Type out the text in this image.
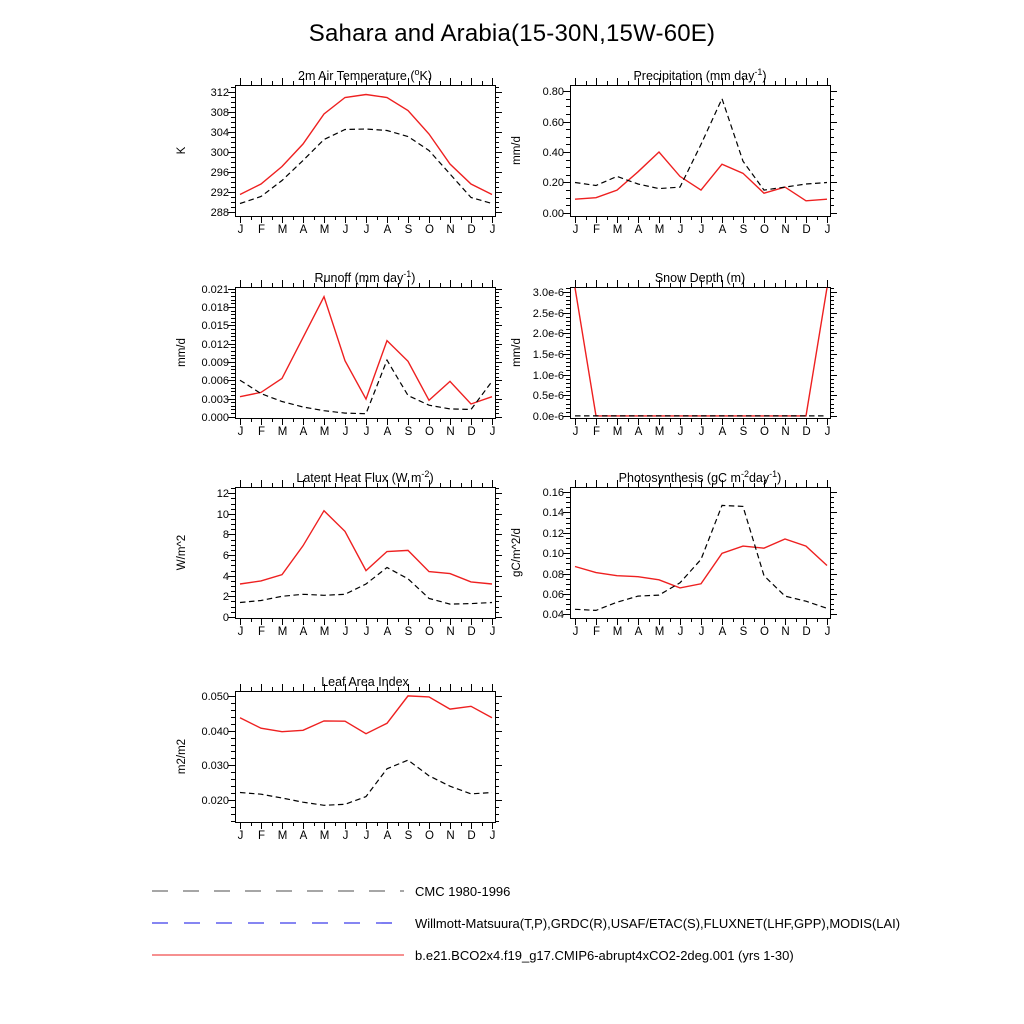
Sahara and Arabia(15-30N,15W-60E)
288
292
296
300
304
308
312
J F M A M J J A S O N D J
K
2m Air Temperature ($^o$K)
0.00
0.20
0.40
0.60
0.80
J F M A M J J A S O N D J
mm/d
Precipitation (mm day$^{-1}$)
0.000
0.003
0.006
0.009
0.012
0.015
0.018
0.021
J F M A M J J A S O N D J
mm/d
Runoff (mm day$^{-1}$)
0.0e-6
0.5e-6
1.0e-6
1.5e-6
2.0e-6
2.5e-6
3.0e-6
J F M A M J J A S O N D J
mm/d
Snow Depth (m)
0
2
4
6
8
10
12
J F M A M J J A S O N D J
W/m^2
Latent Heat Flux (W $m^{-2}$)
0.04
0.06
0.08
0.10
0.12
0.14
0.16
J F M A M J J A S O N D J
gC/m^2/d
Photosynthesis (gC $m^{-2}day^{-1}$)
0.020
0.030
0.040
0.050
J F M A M J J A S O N D J
m2/m2
Leaf Area Index
CMC 1980-1996
Willmott-Matsuura(T,P),GRDC(R),USAF/ETAC(S),FLUXNET(LHF,GPP),MODIS(LAI)
b.e21.BCO2x4.f19_g17.CMIP6-abrupt4xCO2-2deg.001 (yrs 1-30)
